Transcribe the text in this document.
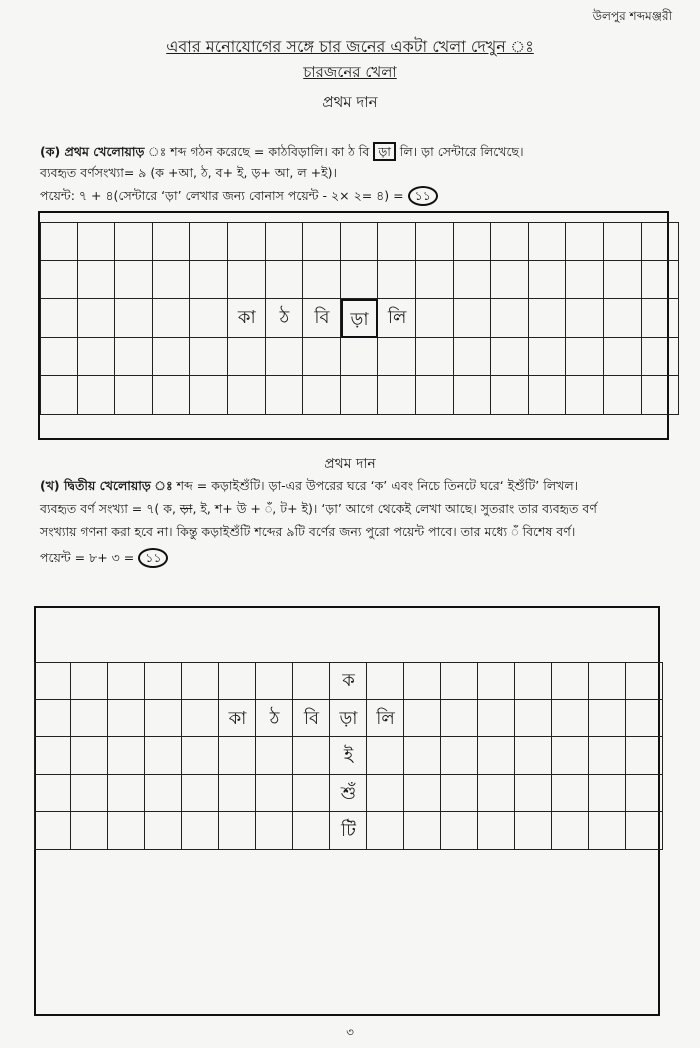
উলপুর শব্দমঞ্জরী
এবার মনোযোগের সঙ্গে চার জনের একটা খেলা দেখুন ঃ
চারজনের খেলা
প্রথম দান
(ক) প্রথম খেলোয়াড় ঃ শব্দ গঠন করেছে = কাঠবিড়ালি। কা ঠ বি ড়া লি। ড়া সেন্টারে লিখেছে।
ব্যবহৃত বর্ণসংখ্যা= ৯ (ক +আ, ঠ, ব+ ই, ড়+ আ, ল +ই)।
পয়েন্ট: ৭ + ৪(সেন্টারে ‘ড়া’ লেখার জন্য বোনাস পয়েন্ট - ২× ২= ৪) = ১১
কা	ঠ	বি	ড়া	লি
প্রথম দান
(খ) দ্বিতীয় খেলোয়াড় ঃ শব্দ = কড়াইশুঁটি। ড়া-এর উপরের ঘরে ‘ক’ এবং নিচে তিনটে ঘরে‘ ইশুঁটি’ লিখল।
ব্যবহৃত বর্ণ সংখ্যা = ৭( ক, ড়া, ই, শ+ উ + ँ, ট+ ই)। ‘ড়া’ আগে থেকেই লেখা আছে। সুতরাং তার ব্যবহৃত বর্ণ
সংখ্যায় গণনা করা হবে না। কিন্তু কড়াইশুঁটি শব্দের ৯টি বর্ণের জন্য পুরো পয়েন্ট পাবে। তার মধ্যে ँ বিশেষ বর্ণ।
পয়েন্ট = ৮+ ৩ = ১১
কা	ঠ	বি	ড়া	লি
ক
ই
শুঁ
টি
৩
